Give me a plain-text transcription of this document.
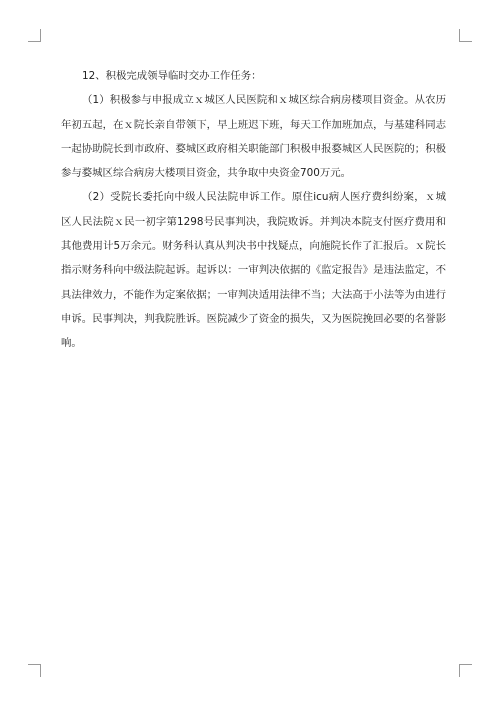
12、积极完成领导临时交办工作任务：

（1）积极参与申报成立ｘ城区人民医院和ｘ城区综合病房楼项目资金。从农历年初五起，在ｘ院长亲自带领下，早上班迟下班，每天工作加班加点，与基建科同志一起协助院长到市政府、婺城区政府相关职能部门积极申报婺城区人民医院的；积极参与婺城区综合病房大楼项目资金，共争取中央资金700万元。

（2）受院长委托向中级人民法院申诉工作。原住icu病人医疗费纠纷案，ｘ城区人民法院ｘ民一初字第1298号民事判决，我院败诉。并判决本院支付医疗费用和其他费用计5万余元。财务科认真从判决书中找疑点，向施院长作了汇报后。ｘ院长指示财务科向中级法院起诉。起诉以：一审判决依据的《监定报告》是违法监定，不具法律效力，不能作为定案依据；一审判决适用法律不当；大法高于小法等为由进行申诉。民事判决，判我院胜诉。医院减少了资金的损失，又为医院挽回必要的名誉影响。
